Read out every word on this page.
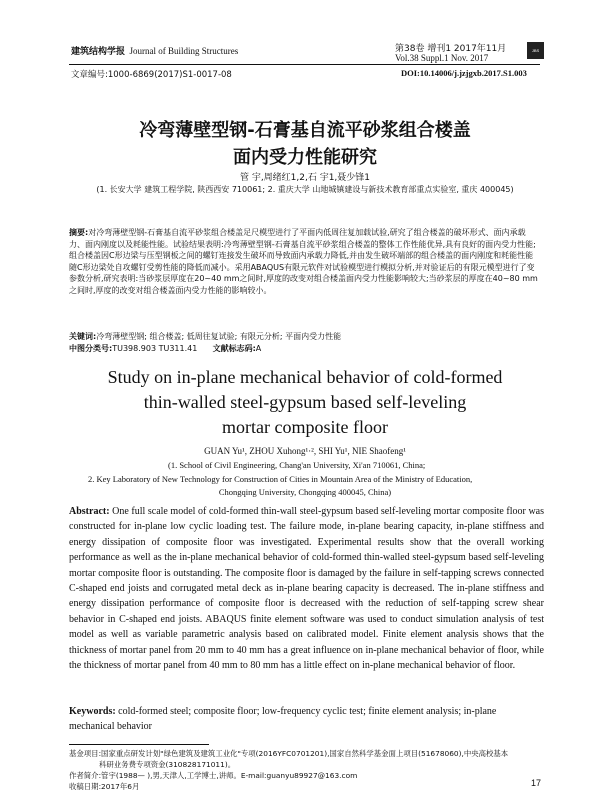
建筑结构学报 Journal of Building Structures	第38卷 增刊1 2017年11月
Vol.38 Suppl.1 Nov. 2017
JBS
文章编号:1000-6869(2017)S1-0017-08	DOI:10.14006/j.jzjgxb.2017.S1.003
冷弯薄壁型钢-石膏基自流平砂浆组合楼盖
面内受力性能研究
管 宇,周绪红1,2,石 宇1,聂少锋1
(1. 长安大学 建筑工程学院, 陕西西安 710061; 2. 重庆大学 山地城镇建设与新技术教育部重点实验室, 重庆 400045)
摘要:对冷弯薄壁型钢-石膏基自流平砂浆组合楼盖足尺模型进行了平面内低周往复加载试验,研究了组合楼盖的破坏形式、面内承载力、面内刚度以及耗能性能。试验结果表明:冷弯薄壁型钢-石膏基自流平砂浆组合楼盖的整体工作性能优异,具有良好的面内受力性能;组合楼盖因C形边梁与压型钢板之间的螺钉连接发生破坏而导致面内承载力降低,并由发生破坏端部的组合楼盖的面内刚度和耗能性能随C形边梁处自攻螺钉受剪性能的降低而减小。采用ABAQUS有限元软件对试验模型进行模拟分析,并对验证后的有限元模型进行了变参数分析,研究表明:当砂浆层厚度在20~40 mm之间时,厚度的改变对组合楼盖面内受力性能影响较大;当砂浆层的厚度在40~80 mm之间时,厚度的改变对组合楼盖面内受力性能的影响较小。
关键词:冷弯薄壁型钢; 组合楼盖; 低周往复试验; 有限元分析; 平面内受力性能
中图分类号:TU398.903 TU311.41 文献标志码:A
Study on in-plane mechanical behavior of cold-formed
thin-walled steel-gypsum based self-leveling
mortar composite floor
GUAN Yu¹, ZHOU Xuhong¹·², SHI Yu¹, NIE Shaofeng¹
(1. School of Civil Engineering, Chang'an University, Xi'an 710061, China;
2. Key Laboratory of New Technology for Construction of Cities in Mountain Area of the Ministry of Education,
Chongqing University, Chongqing 400045, China)
Abstract: One full scale model of cold-formed thin-wall steel-gypsum based self-leveling mortar composite floor was constructed for in-plane low cyclic loading test. The failure mode, in-plane bearing capacity, in-plane stiffness and energy dissipation of composite floor was investigated. Experimental results show that the overall working performance as well as the in-plane mechanical behavior of cold-formed thin-walled steel-gypsum based self-leveling mortar composite floor is outstanding. The composite floor is damaged by the failure in self-tapping screws connected C-shaped end joists and corrugated metal deck as in-plane bearing capacity is decreased. The in-plane stiffness and energy dissipation performance of composite floor is decreased with the reduction of self-tapping screw shear behavior in C-shaped end joists. ABAQUS finite element software was used to conduct simulation analysis of test model as well as variable parametric analysis based on calibrated model. Finite element analysis shows that the thickness of mortar panel from 20 mm to 40 mm has a great influence on in-plane mechanical behavior of floor, while the thickness of mortar panel from 40 mm to 80 mm has a little effect on in-plane mechanical behavior of floor.
Keywords: cold-formed steel; composite floor; low-frequency cyclic test; finite element analysis; in-plane mechanical behavior
基金项目:国家重点研发计划"绿色建筑及建筑工业化"专项(2016YFC0701201),国家自然科学基金面上项目(51678060),中央高校基本
科研业务费专项资金(310828171011)。
作者简介:管宇(1988— ),男,天津人,工学博士,讲师。E-mail:guanyu89927@163.com
收稿日期:2017年6月	17
